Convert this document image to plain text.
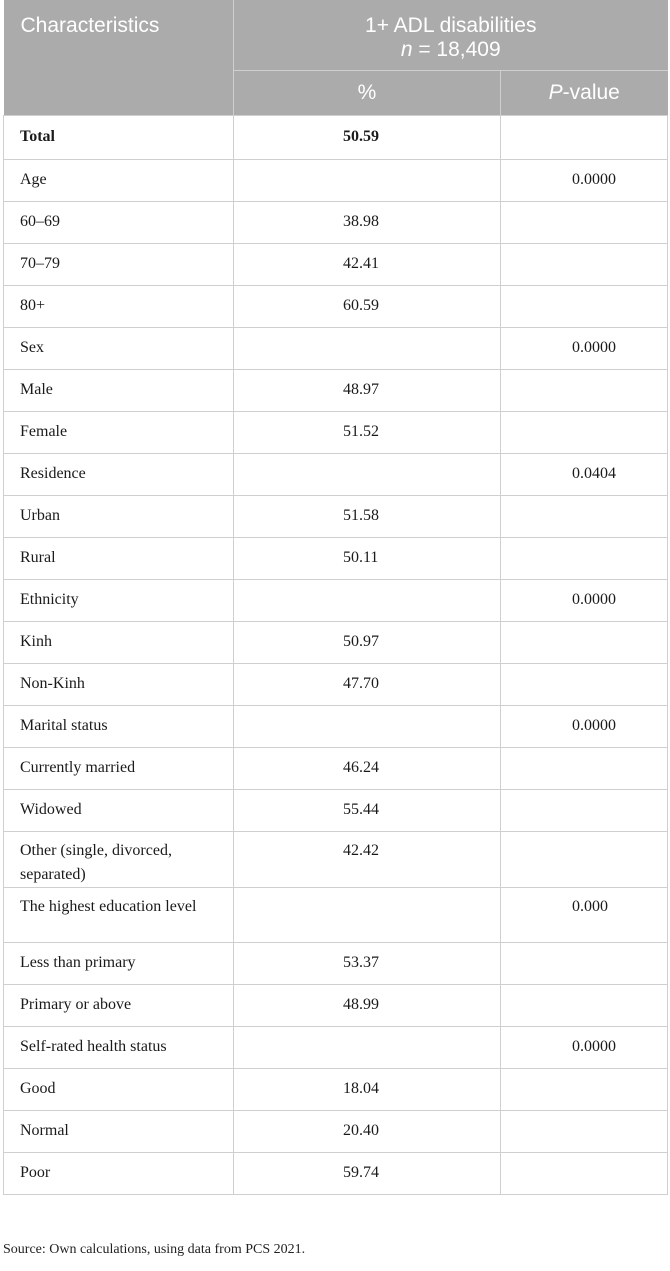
Characteristics	1+ ADL disabilities
n = 18,409	

	%	P-value
Total	50.59	
Age		0.0000
60–69	38.98	
70–79	42.41	
80+	60.59	
Sex		0.0000
Male	48.97	
Female	51.52	
Residence		0.0404
Urban	51.58	
Rural	50.11	
Ethnicity		0.0000
Kinh	50.97	
Non-Kinh	47.70	
Marital status		0.0000
Currently married	46.24	
Widowed	55.44	
Other (single, divorced, separated)	42.42	
The highest education level		0.000
Less than primary	53.37	
Primary or above	48.99	
Self-rated health status		0.0000
Good	18.04	
Normal	20.40	
Poor	59.74	
Source: Own calculations, using data from PCS 2021.
